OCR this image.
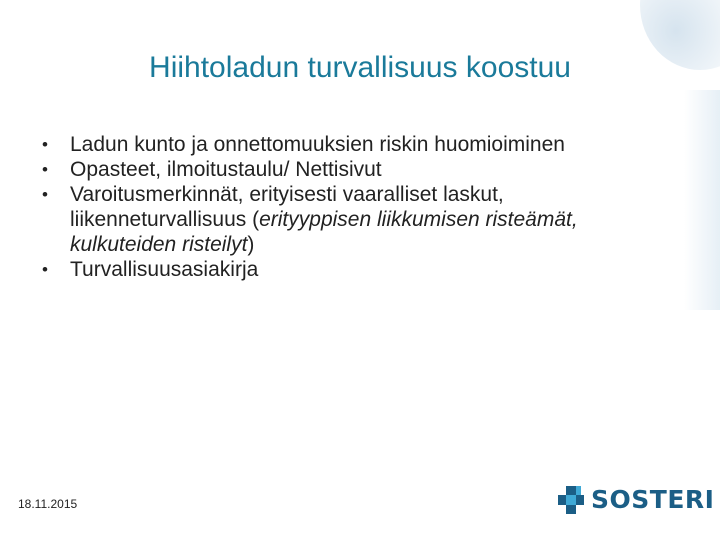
Hiihtoladun turvallisuus koostuu
• Ladun kunto ja onnettomuuksien riskin huomioiminen
• Opasteet, ilmoitustaulu/ Nettisivut
• Varoitusmerkinnät, erityisesti vaaralliset laskut, liikenneturvallisuus (erityyppisen liikkumisen risteämät, kulkuteiden risteilyt)
• Turvallisuusasiakirja
18.11.2015	SOSTERI
